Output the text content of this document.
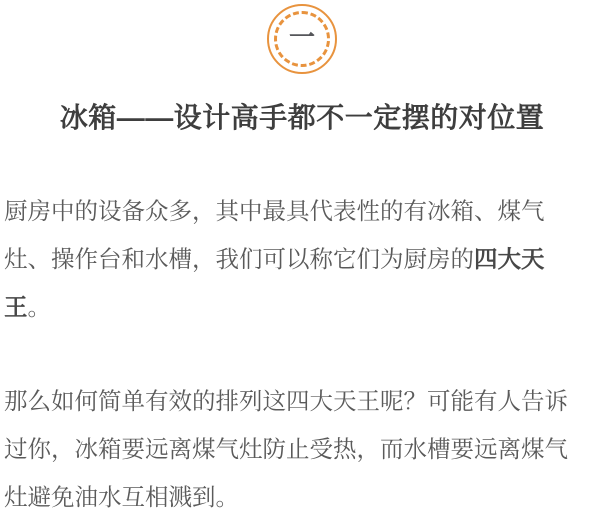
一
冰箱——设计高手都不一定摆的对位置

厨房中的设备众多，其中最具代表性的有冰箱、煤气灶、操作台和水槽，我们可以称它们为厨房的四大天王。

那么如何简单有效的排列这四大天王呢？可能有人告诉过你，冰箱要远离煤气灶防止受热，而水槽要远离煤气灶避免油水互相溅到。
